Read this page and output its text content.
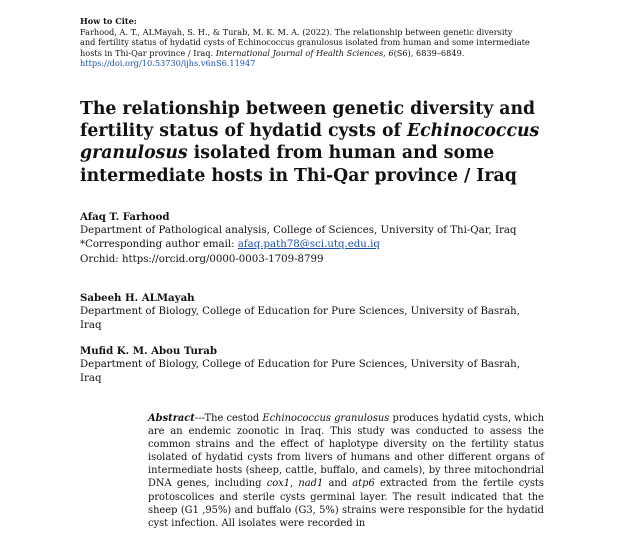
How to Cite:
Farhood, A. T., ALMayah, S. H., & Turab, M. K. M. A. (2022). The relationship between genetic diversity and fertility status of hydatid cysts of Echinococcus granulosus isolated from human and some intermediate hosts in Thi-Qar province / Iraq. International Journal of Health Sciences, 6(S6), 6839–6849. https://doi.org/10.53730/ijhs.v6nS6.11947
The relationship between genetic diversity and fertility status of hydatid cysts of Echinococcus granulosus isolated from human and some intermediate hosts in Thi-Qar province / Iraq
Afaq T. Farhood
Department of Pathological analysis, College of Sciences, University of Thi-Qar, Iraq
*Corresponding author email: afaq.path78@sci.utq.edu.iq
Orchid: https://orcid.org/0000-0003-1709-8799
Sabeeh H. ALMayah
Department of Biology, College of Education for Pure Sciences, University of Basrah, Iraq
Mufid K. M. Abou Turab
Department of Biology, College of Education for Pure Sciences, University of Basrah, Iraq
Abstract---The cestod Echinococcus granulosus produces hydatid cysts, which are an endemic zoonotic in Iraq. This study was conducted to assess the common strains and the effect of haplotype diversity on the fertility status isolated of hydatid cysts from livers of humans and other different organs of intermediate hosts (sheep, cattle, buffalo, and camels), by three mitochondrial DNA genes, including cox1, nad1 and atp6 extracted from the fertile cysts protoscolices and sterile cysts germinal layer. The result indicated that the sheep (G1 ,95%) and buffalo (G3, 5%) strains were responsible for the hydatid cyst infection. All isolates were recorded in
